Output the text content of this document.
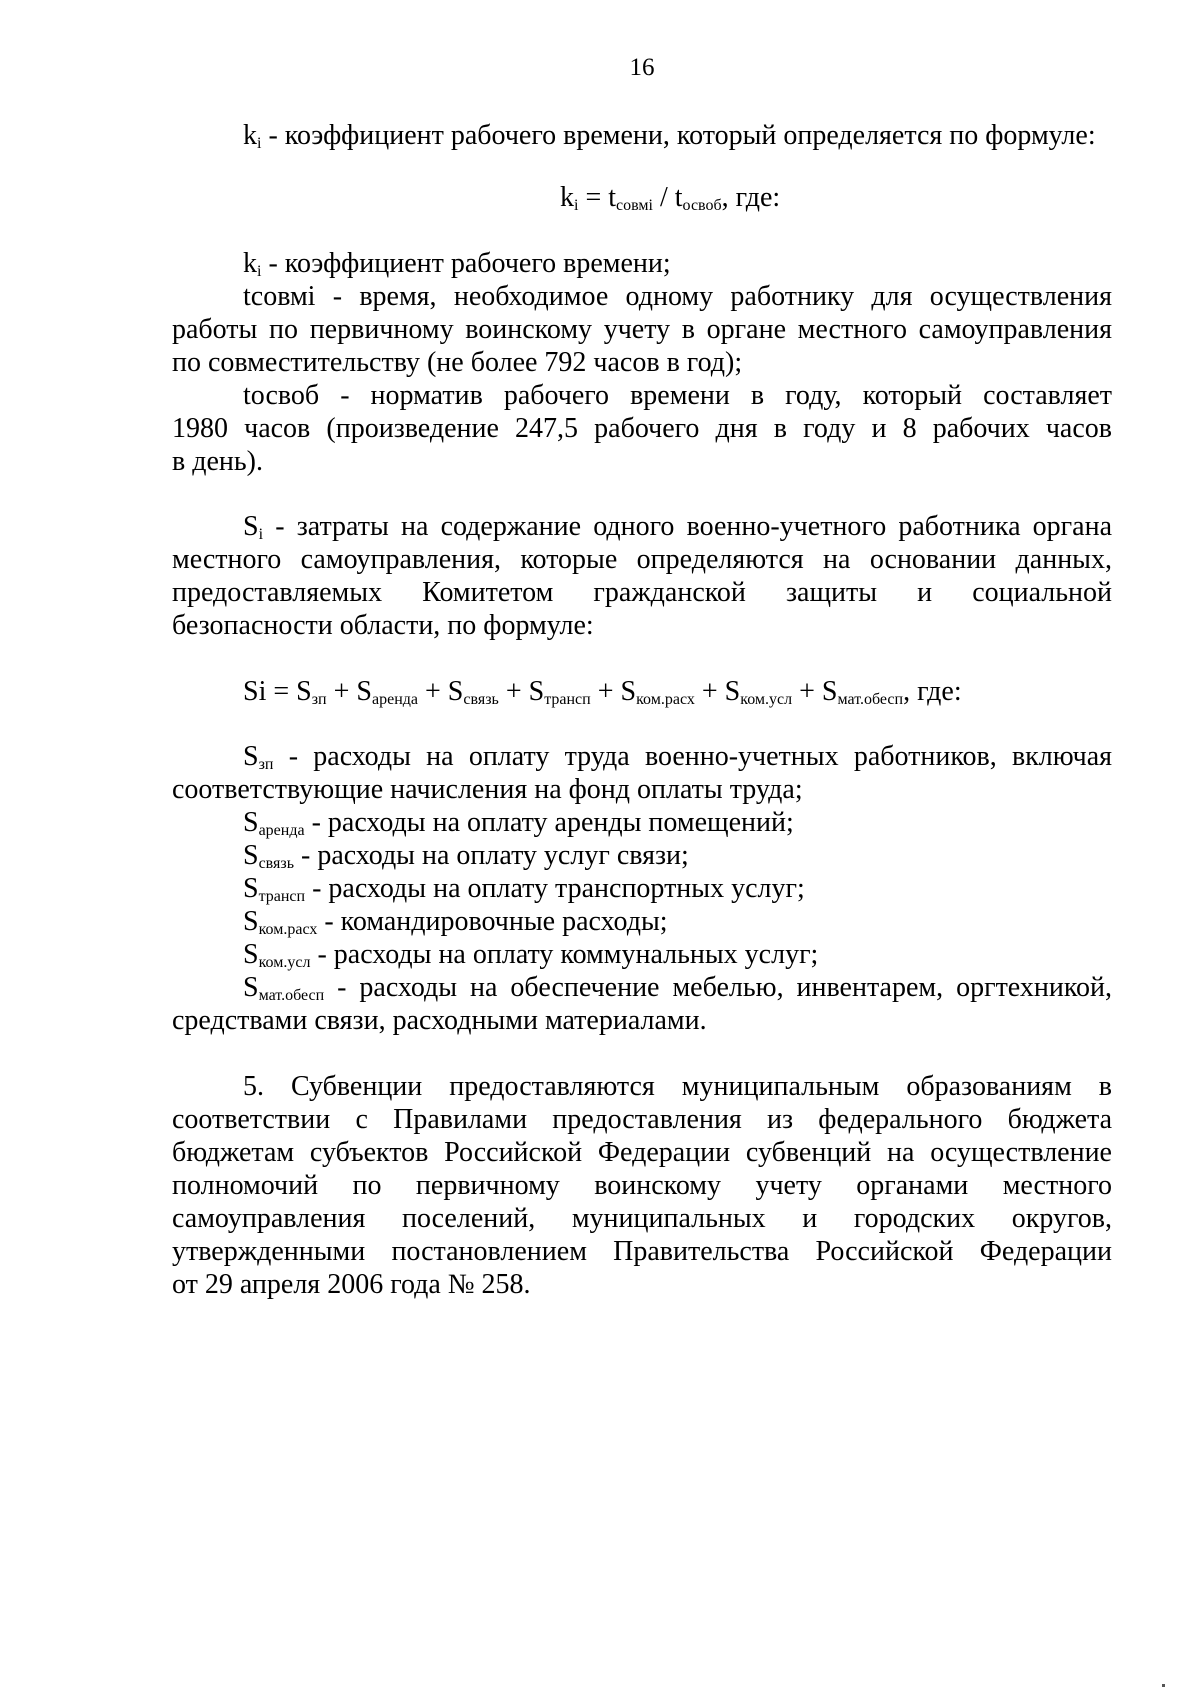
16
$k_i$ - коэффициент рабочего времени, который определяется по формуле:
$k_i = t_{совмi} / t_{освоб}$, где:
$k_i$ - коэффициент рабочего времени;
tсовмi - время, необходимое одному работнику для осуществления
работы по первичному воинскому учету в органе местного самоуправления
по совместительству (не более 792 часов в год);
tосвоб - норматив рабочего времени в году, который составляет
1980 часов (произведение 247,5 рабочего дня в году и 8 рабочих часов
в день).
$S_i$ - затраты на содержание одного военно-учетного работника органа
местного самоуправления, которые определяются на основании данных,
предоставляемых Комитетом гражданской защиты и социальной
безопасности области, по формуле:
$Si = S_{зп} + S_{аренда} + S_{связь} + S_{трансп} + S_{ком.расх} + S_{ком.усл} + S_{мат.обесп}$, где:
$S_{зп}$ - расходы на оплату труда военно-учетных работников, включая
соответствующие начисления на фонд оплаты труда;
$S_{аренда}$ - расходы на оплату аренды помещений;
$S_{связь}$ - расходы на оплату услуг связи;
$S_{трансп}$ - расходы на оплату транспортных услуг;
$S_{ком.расх}$ - командировочные расходы;
$S_{ком.усл}$ - расходы на оплату коммунальных услуг;
$S_{мат.обесп}$ - расходы на обеспечение мебелью, инвентарем, оргтехникой,
средствами связи, расходными материалами.
5. Субвенции предоставляются муниципальным образованиям в
соответствии с Правилами предоставления из федерального бюджета
бюджетам субъектов Российской Федерации субвенций на осуществление
полномочий по первичному воинскому учету органами местного
самоуправления поселений, муниципальных и городских округов,
утвержденными постановлением Правительства Российской Федерации
от 29 апреля 2006 года № 258.
